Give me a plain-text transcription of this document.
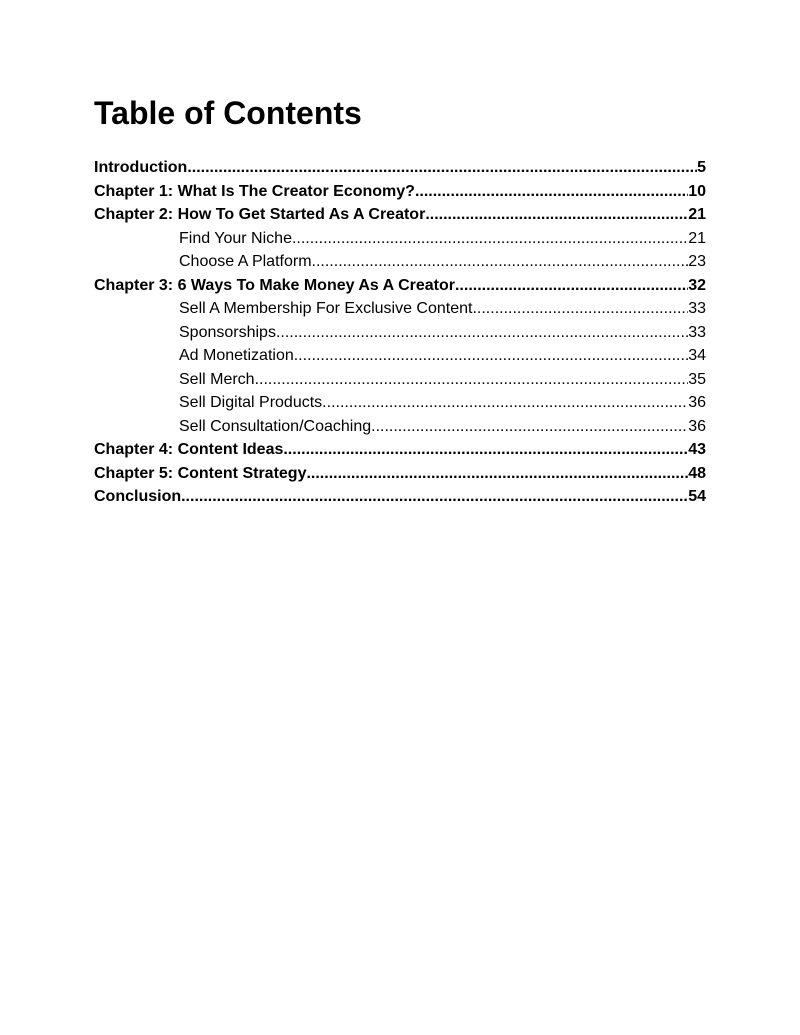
Table of Contents
Introduction .....	5
Chapter 1: What Is The Creator Economy? .....	10
Chapter 2: How To Get Started As A Creator .....	21
Find Your Niche .....	21
Choose A Platform .....	23
Chapter 3: 6 Ways To Make Money As A Creator .....	32
Sell A Membership For Exclusive Content .....	33
Sponsorships .....	33
Ad Monetization .....	34
Sell Merch .....	35
Sell Digital Products .....	36
Sell Consultation/Coaching .....	36
Chapter 4: Content Ideas .....	43
Chapter 5: Content Strategy .....	48
Conclusion .....	54
